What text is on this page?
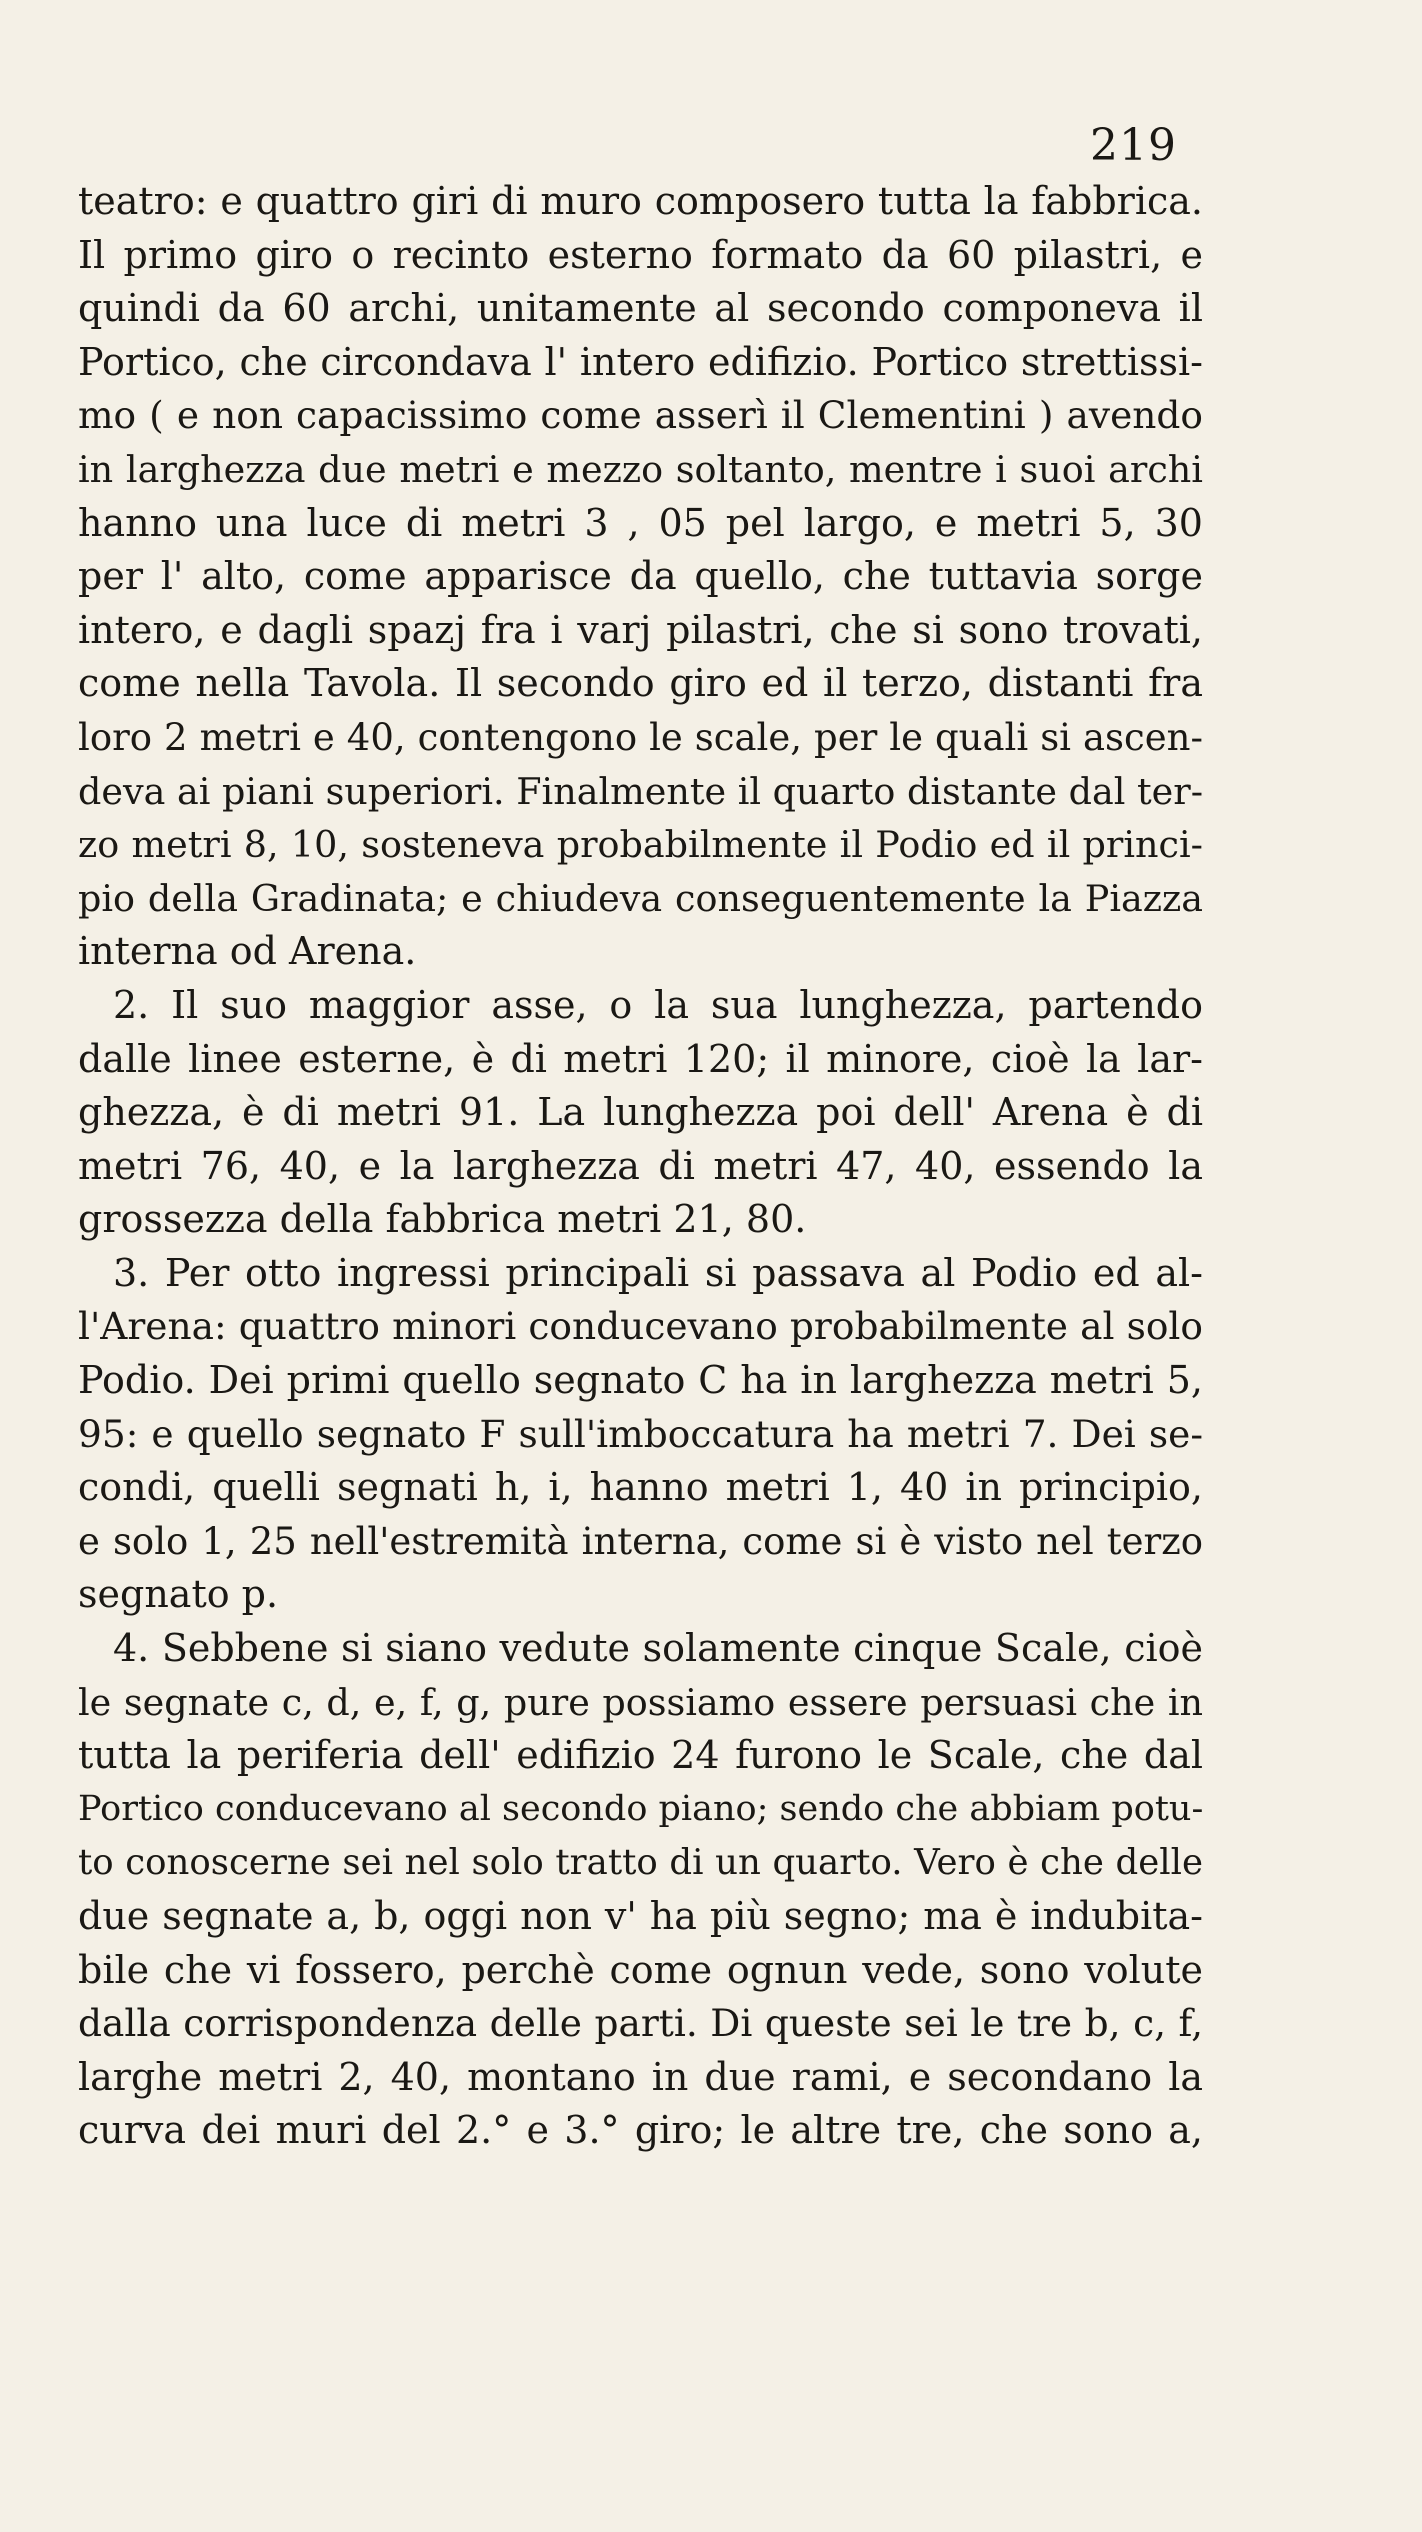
219
teatro: e quattro giri di muro composero tutta la fabbrica.
Il primo giro o recinto esterno formato da 60 pilastri, e
quindi da 60 archi, unitamente al secondo componeva il
Portico, che circondava l' intero edifizio. Portico strettissi-
mo ( e non capacissimo come asserì il Clementini ) avendo
in larghezza due metri e mezzo soltanto, mentre i suoi archi
hanno una luce di metri 3 , 05 pel largo, e metri 5, 30
per l' alto, come apparisce da quello, che tuttavia sorge
intero, e dagli spazj fra i varj pilastri, che si sono trovati,
come nella Tavola. Il secondo giro ed il terzo, distanti fra
loro 2 metri e 40, contengono le scale, per le quali si ascen-
deva ai piani superiori. Finalmente il quarto distante dal ter-
zo metri 8, 10, sosteneva probabilmente il Podio ed il princi-
pio della Gradinata; e chiudeva conseguentemente la Piazza
interna od Arena.
2. Il suo maggior asse, o la sua lunghezza, partendo
dalle linee esterne, è di metri 120; il minore, cioè la lar-
ghezza, è di metri 91. La lunghezza poi dell' Arena è di
metri 76, 40, e la larghezza di metri 47, 40, essendo la
grossezza della fabbrica metri 21, 80.
3. Per otto ingressi principali si passava al Podio ed al-
l'Arena: quattro minori conducevano probabilmente al solo
Podio. Dei primi quello segnato C ha in larghezza metri 5,
95: e quello segnato F sull'imboccatura ha metri 7. Dei se-
condi, quelli segnati h, i, hanno metri 1, 40 in principio,
e solo 1, 25 nell'estremità interna, come si è visto nel terzo
segnato p.
4. Sebbene si siano vedute solamente cinque Scale, cioè
le segnate c, d, e, f, g, pure possiamo essere persuasi che in
tutta la periferia dell' edifizio 24 furono le Scale, che dal
Portico conducevano al secondo piano; sendo che abbiam potu-
to conoscerne sei nel solo tratto di un quarto. Vero è che delle
due segnate a, b, oggi non v' ha più segno; ma è indubita-
bile che vi fossero, perchè come ognun vede, sono volute
dalla corrispondenza delle parti. Di queste sei le tre b, c, f,
larghe metri 2, 40, montano in due rami, e secondano la
curva dei muri del 2.° e 3.° giro; le altre tre, che sono a,
